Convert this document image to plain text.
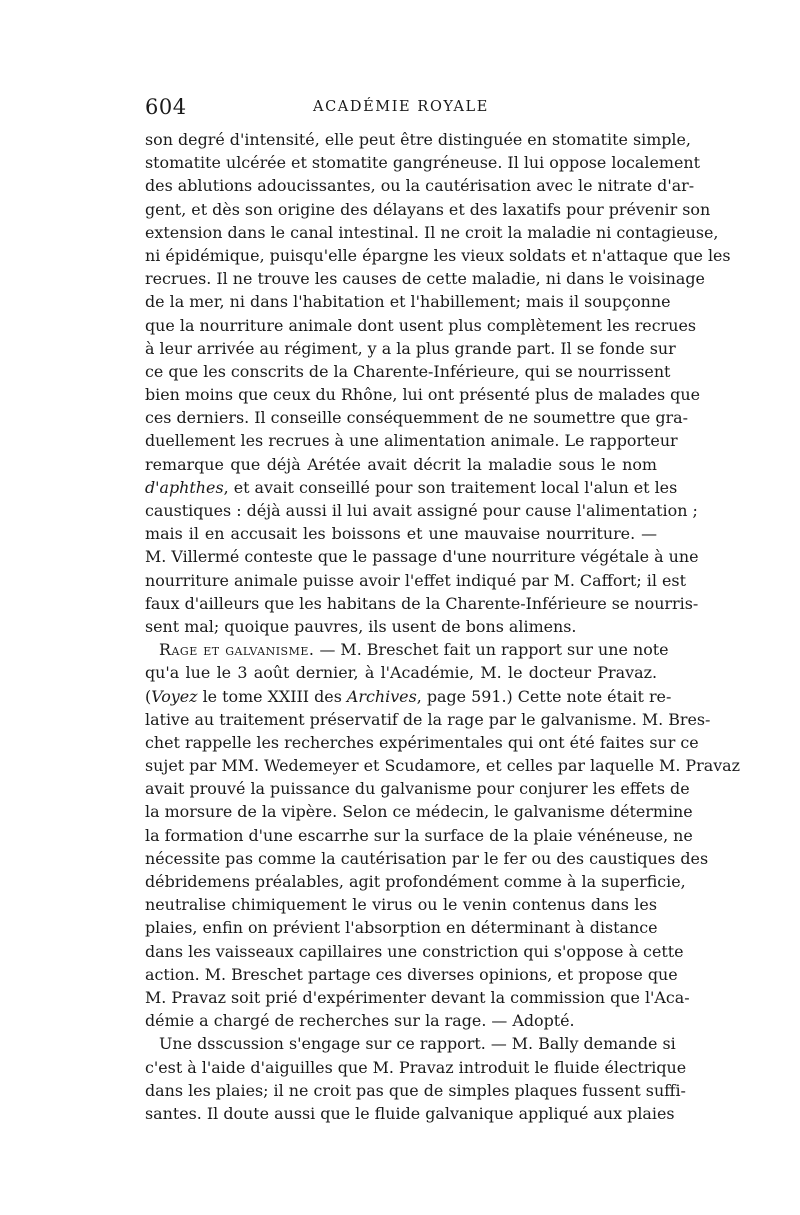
604	ACADÉMIE ROYALE
son degré d'intensité, elle peut être distinguée en stomatite simple,
stomatite ulcérée et stomatite gangréneuse. Il lui oppose localement
des ablutions adoucissantes, ou la cautérisation avec le nitrate d'ar-
gent, et dès son origine des délayans et des laxatifs pour prévenir son
extension dans le canal intestinal. Il ne croit la maladie ni contagieuse,
ni épidémique, puisqu'elle épargne les vieux soldats et n'attaque que les
recrues. Il ne trouve les causes de cette maladie, ni dans le voisinage
de la mer, ni dans l'habitation et l'habillement; mais il soupçonne
que la nourriture animale dont usent plus complètement les recrues
à leur arrivée au régiment, y a la plus grande part. Il se fonde sur
ce que les conscrits de la Charente-Inférieure, qui se nourrissent
bien moins que ceux du Rhône, lui ont présenté plus de malades que
ces derniers. Il conseille conséquemment de ne soumettre que gra-
duellement les recrues à une alimentation animale. Le rapporteur
remarque que déjà Arétée avait décrit la maladie sous le nom
d'aphthes, et avait conseillé pour son traitement local l'alun et les
caustiques : déjà aussi il lui avait assigné pour cause l'alimentation ;
mais il en accusait les boissons et une mauvaise nourriture. —
M. Villermé conteste que le passage d'une nourriture végétale à une
nourriture animale puisse avoir l'effet indiqué par M. Caffort; il est
faux d'ailleurs que les habitans de la Charente-Inférieure se nourris-
sent mal; quoique pauvres, ils usent de bons alimens.
Rage et galvanisme. — M. Breschet fait un rapport sur une note
qu'a lue le 3 août dernier, à l'Académie, M. le docteur Pravaz.
(Voyez le tome XXIII des Archives, page 591.) Cette note était re-
lative au traitement préservatif de la rage par le galvanisme. M. Bres-
chet rappelle les recherches expérimentales qui ont été faites sur ce
sujet par MM. Wedemeyer et Scudamore, et celles par laquelle M. Pravaz
avait prouvé la puissance du galvanisme pour conjurer les effets de
la morsure de la vipère. Selon ce médecin, le galvanisme détermine
la formation d'une escarrhe sur la surface de la plaie vénéneuse, ne
nécessite pas comme la cautérisation par le fer ou des caustiques des
débridemens préalables, agit profondément comme à la superficie,
neutralise chimiquement le virus ou le venin contenus dans les
plaies, enfin on prévient l'absorption en déterminant à distance
dans les vaisseaux capillaires une constriction qui s'oppose à cette
action. M. Breschet partage ces diverses opinions, et propose que
M. Pravaz soit prié d'expérimenter devant la commission que l'Aca-
démie a chargé de recherches sur la rage. — Adopté.
Une dsscussion s'engage sur ce rapport. — M. Bally demande si
c'est à l'aide d'aiguilles que M. Pravaz introduit le fluide électrique
dans les plaies; il ne croit pas que de simples plaques fussent suffi-
santes. Il doute aussi que le fluide galvanique appliqué aux plaies
